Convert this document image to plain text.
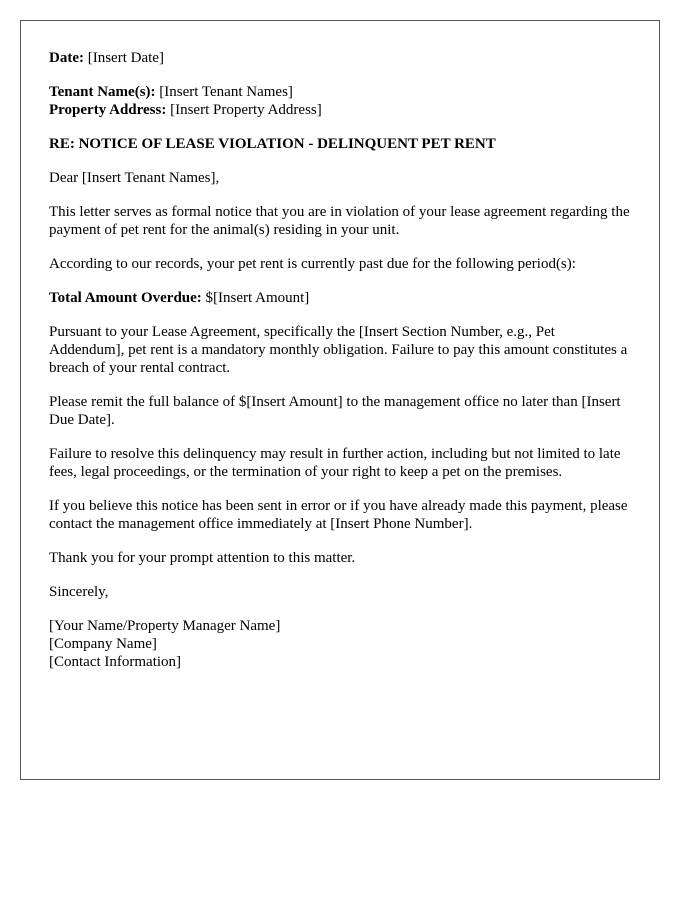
Date: [Insert Date]

Tenant Name(s): [Insert Tenant Names]
Property Address: [Insert Property Address]

RE: NOTICE OF LEASE VIOLATION - DELINQUENT PET RENT

Dear [Insert Tenant Names],

This letter serves as formal notice that you are in violation of your lease agreement regarding the payment of pet rent for the animal(s) residing in your unit.

According to our records, your pet rent is currently past due for the following period(s):

Total Amount Overdue: $[Insert Amount]

Pursuant to your Lease Agreement, specifically the [Insert Section Number, e.g., Pet Addendum], pet rent is a mandatory monthly obligation. Failure to pay this amount constitutes a breach of your rental contract.

Please remit the full balance of $[Insert Amount] to the management office no later than [Insert Due Date].

Failure to resolve this delinquency may result in further action, including but not limited to late fees, legal proceedings, or the termination of your right to keep a pet on the premises.

If you believe this notice has been sent in error or if you have already made this payment, please contact the management office immediately at [Insert Phone Number].

Thank you for your prompt attention to this matter.

Sincerely,

[Your Name/Property Manager Name]
[Company Name]
[Contact Information]
